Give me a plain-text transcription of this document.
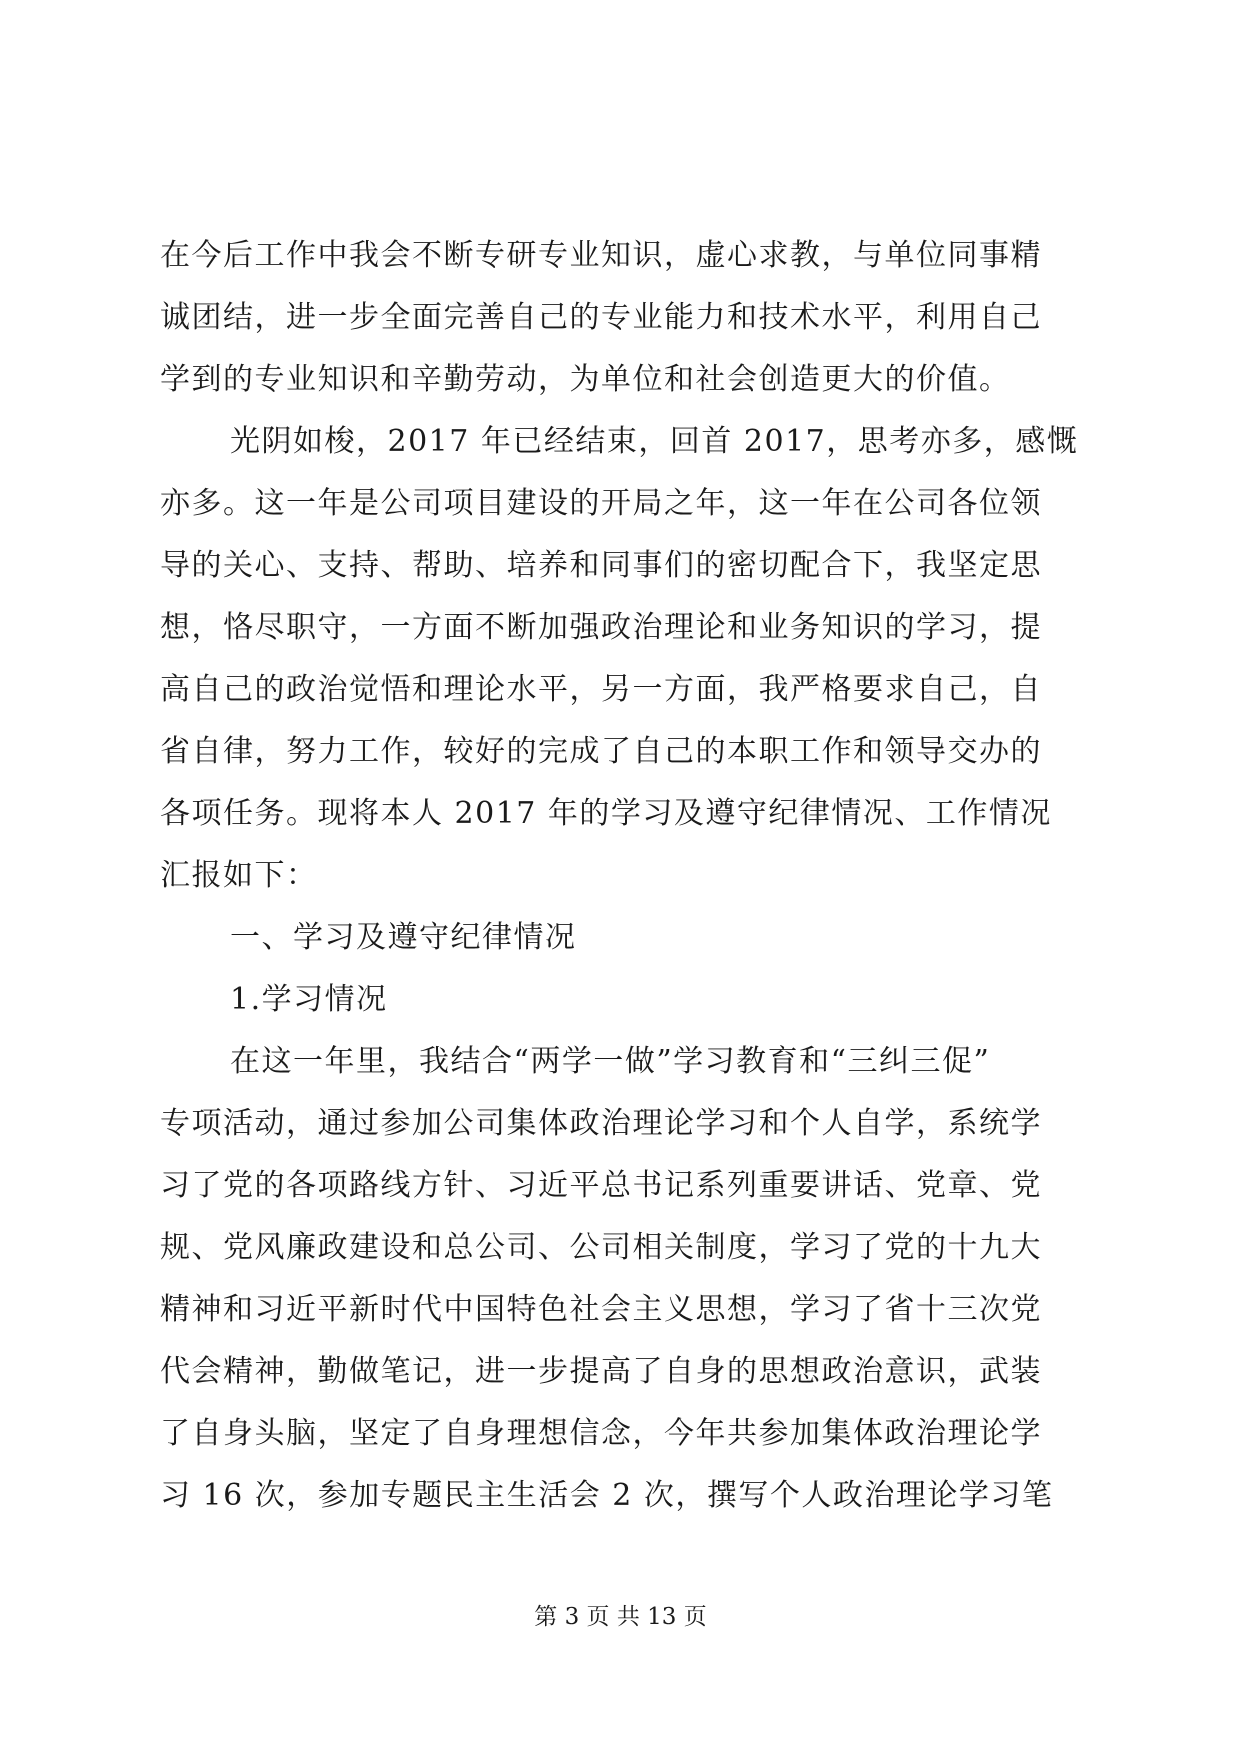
在今后工作中我会不断专研专业知识，虚心求教，与单位同事精
诚团结，进一步全面完善自己的专业能力和技术水平，利用自己
学到的专业知识和辛勤劳动，为单位和社会创造更大的价值。
光阴如梭，2017 年已经结束，回首 2017，思考亦多，感慨
亦多。这一年是公司项目建设的开局之年，这一年在公司各位领
导的关心、支持、帮助、培养和同事们的密切配合下，我坚定思
想，恪尽职守，一方面不断加强政治理论和业务知识的学习，提
高自己的政治觉悟和理论水平，另一方面，我严格要求自己，自
省自律，努力工作，较好的完成了自己的本职工作和领导交办的
各项任务。现将本人 2017 年的学习及遵守纪律情况、工作情况
汇报如下：
一、学习及遵守纪律情况
1.学习情况
在这一年里，我结合“两学一做”学习教育和“三纠三促”
专项活动，通过参加公司集体政治理论学习和个人自学，系统学
习了党的各项路线方针、习近平总书记系列重要讲话、党章、党
规、党风廉政建设和总公司、公司相关制度，学习了党的十九大
精神和习近平新时代中国特色社会主义思想，学习了省十三次党
代会精神，勤做笔记，进一步提高了自身的思想政治意识，武装
了自身头脑，坚定了自身理想信念，今年共参加集体政治理论学
习 16 次，参加专题民主生活会 2 次，撰写个人政治理论学习笔
第 3 页 共 13 页
